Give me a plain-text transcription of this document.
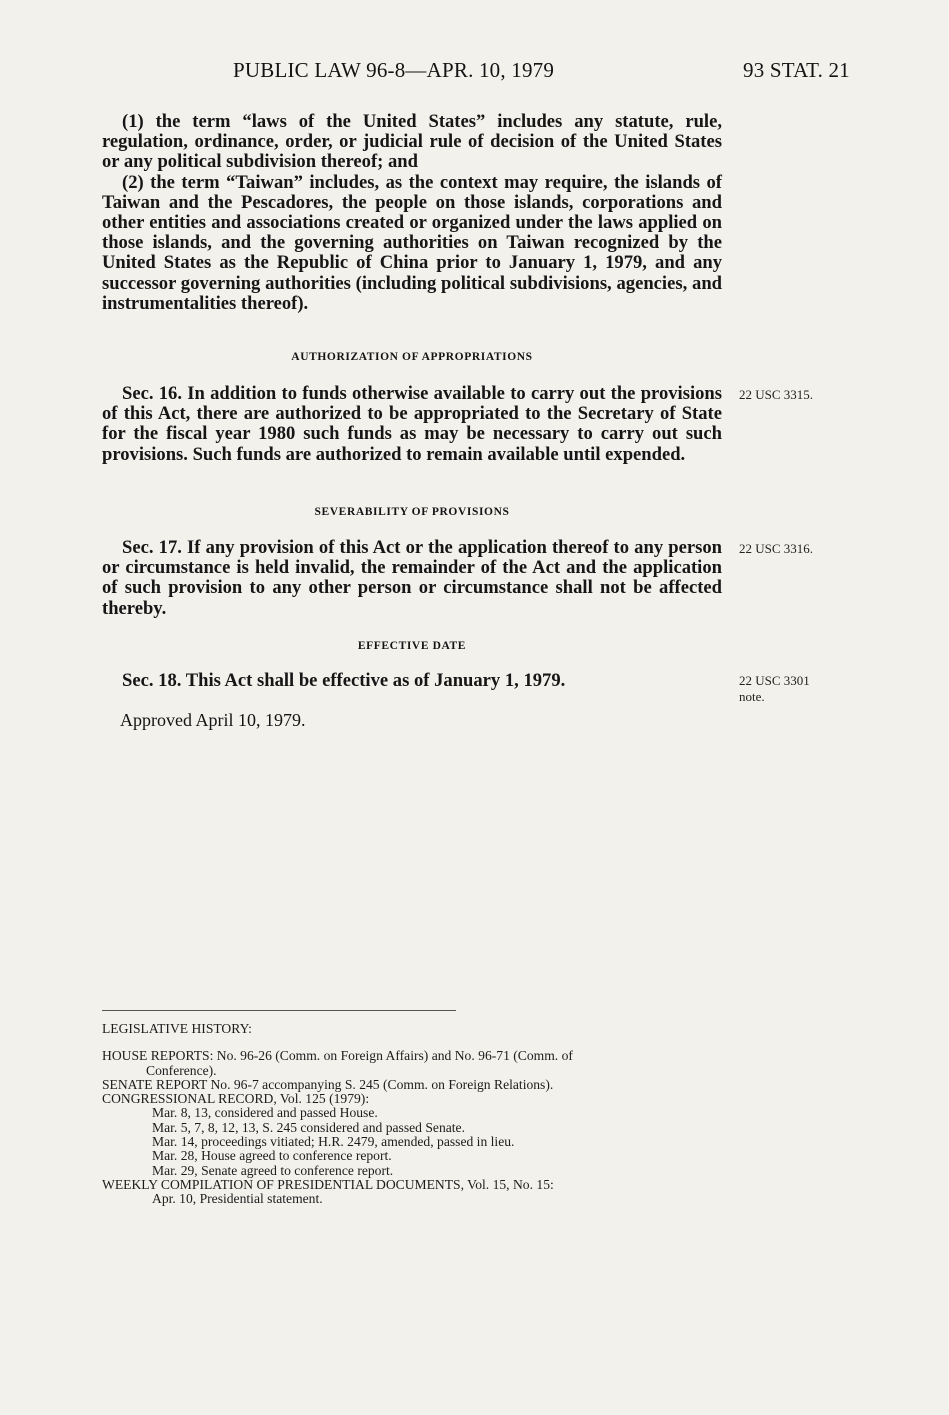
PUBLIC LAW 96-8—APR. 10, 1979	93 STAT. 21

(1) the term “laws of the United States” includes any statute, rule, regulation, ordinance, order, or judicial rule of decision of the United States or any political subdivision thereof; and

(2) the term “Taiwan” includes, as the context may require, the islands of Taiwan and the Pescadores, the people on those islands, corporations and other entities and associations created or organized under the laws applied on those islands, and the governing authorities on Taiwan recognized by the United States as the Republic of China prior to January 1, 1979, and any successor governing authorities (including political subdivisions, agencies, and instrumentalities thereof).

AUTHORIZATION OF APPROPRIATIONS

Sec. 16. In addition to funds otherwise available to carry out the provisions of this Act, there are authorized to be appropriated to the Secretary of State for the fiscal year 1980 such funds as may be necessary to carry out such provisions. Such funds are authorized to remain available until expended.

22 USC 3315.
SEVERABILITY OF PROVISIONS

Sec. 17. If any provision of this Act or the application thereof to any person or circumstance is held invalid, the remainder of the Act and the application of such provision to any other person or circumstance shall not be affected thereby.

22 USC 3316.
EFFECTIVE DATE

Sec. 18. This Act shall be effective as of January 1, 1979.	22 USC 3301
note.
Approved April 10, 1979.
LEGISLATIVE HISTORY:
HOUSE REPORTS: No. 96-26 (Comm. on Foreign Affairs) and No. 96-71 (Comm. of
Conference).
SENATE REPORT No. 96-7 accompanying S. 245 (Comm. on Foreign Relations).
CONGRESSIONAL RECORD, Vol. 125 (1979):
Mar. 8, 13, considered and passed House.
Mar. 5, 7, 8, 12, 13, S. 245 considered and passed Senate.
Mar. 14, proceedings vitiated; H.R. 2479, amended, passed in lieu.
Mar. 28, House agreed to conference report.
Mar. 29, Senate agreed to conference report.
WEEKLY COMPILATION OF PRESIDENTIAL DOCUMENTS, Vol. 15, No. 15:
Apr. 10, Presidential statement.
